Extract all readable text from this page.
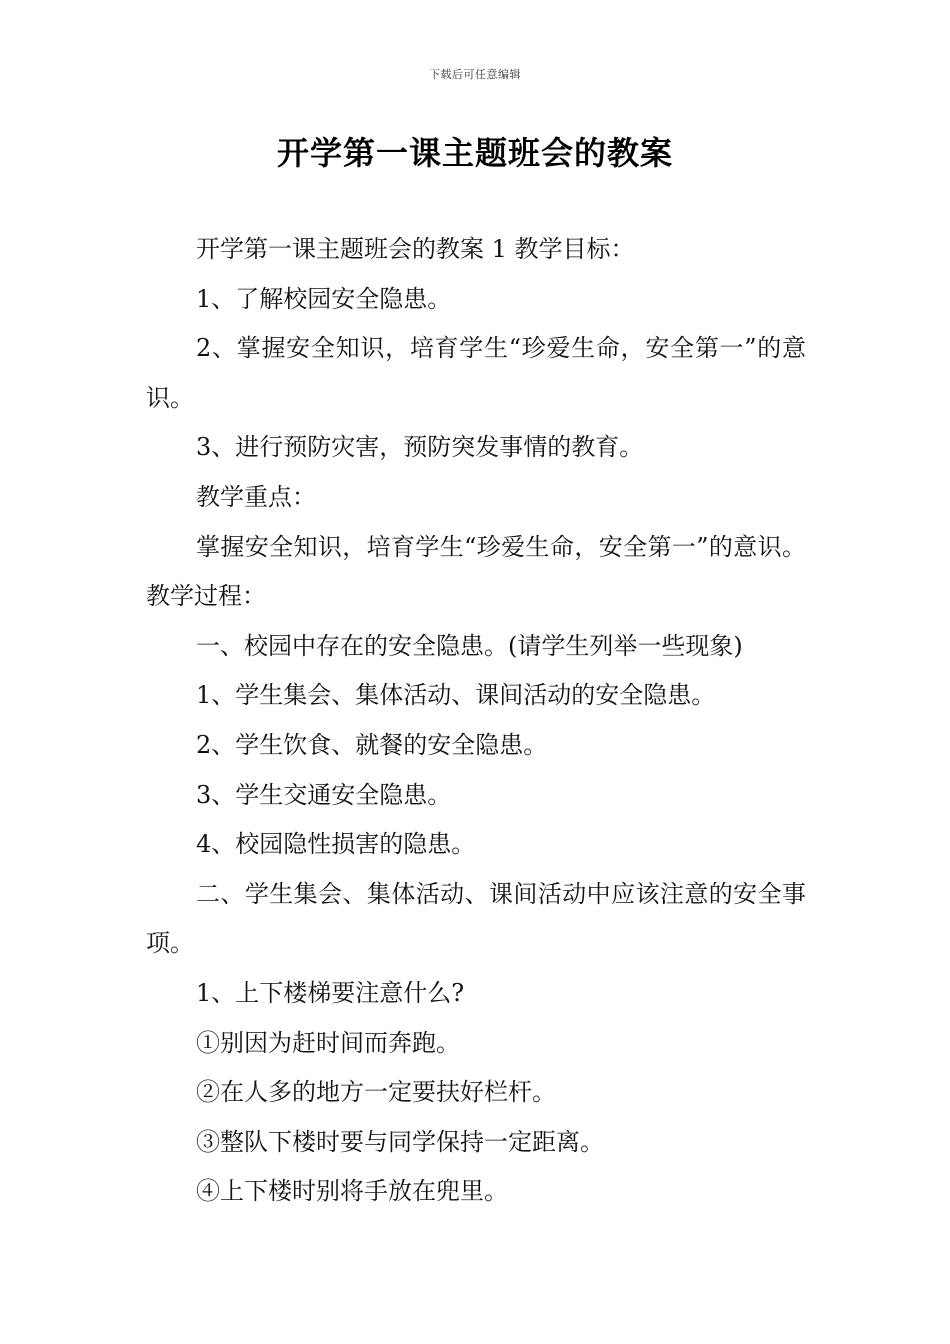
下载后可任意编辑
开学第一课主题班会的教案

开学第一课主题班会的教案 1 教学目标：

1、了解校园安全隐患。

2、掌握安全知识，培育学生“珍爱生命，安全第一”的意识。

3、进行预防灾害，预防突发事情的教育。

教学重点：

掌握安全知识，培育学生“珍爱生命，安全第一”的意识。教学过程：

一、校园中存在的安全隐患。(请学生列举一些现象)

1、学生集会、集体活动、课间活动的安全隐患。

2、学生饮食、就餐的安全隐患。

3、学生交通安全隐患。

4、校园隐性损害的隐患。

二、学生集会、集体活动、课间活动中应该注意的安全事项。

1、上下楼梯要注意什么?

①别因为赶时间而奔跑。

②在人多的地方一定要扶好栏杆。

③整队下楼时要与同学保持一定距离。

④上下楼时别将手放在兜里。
